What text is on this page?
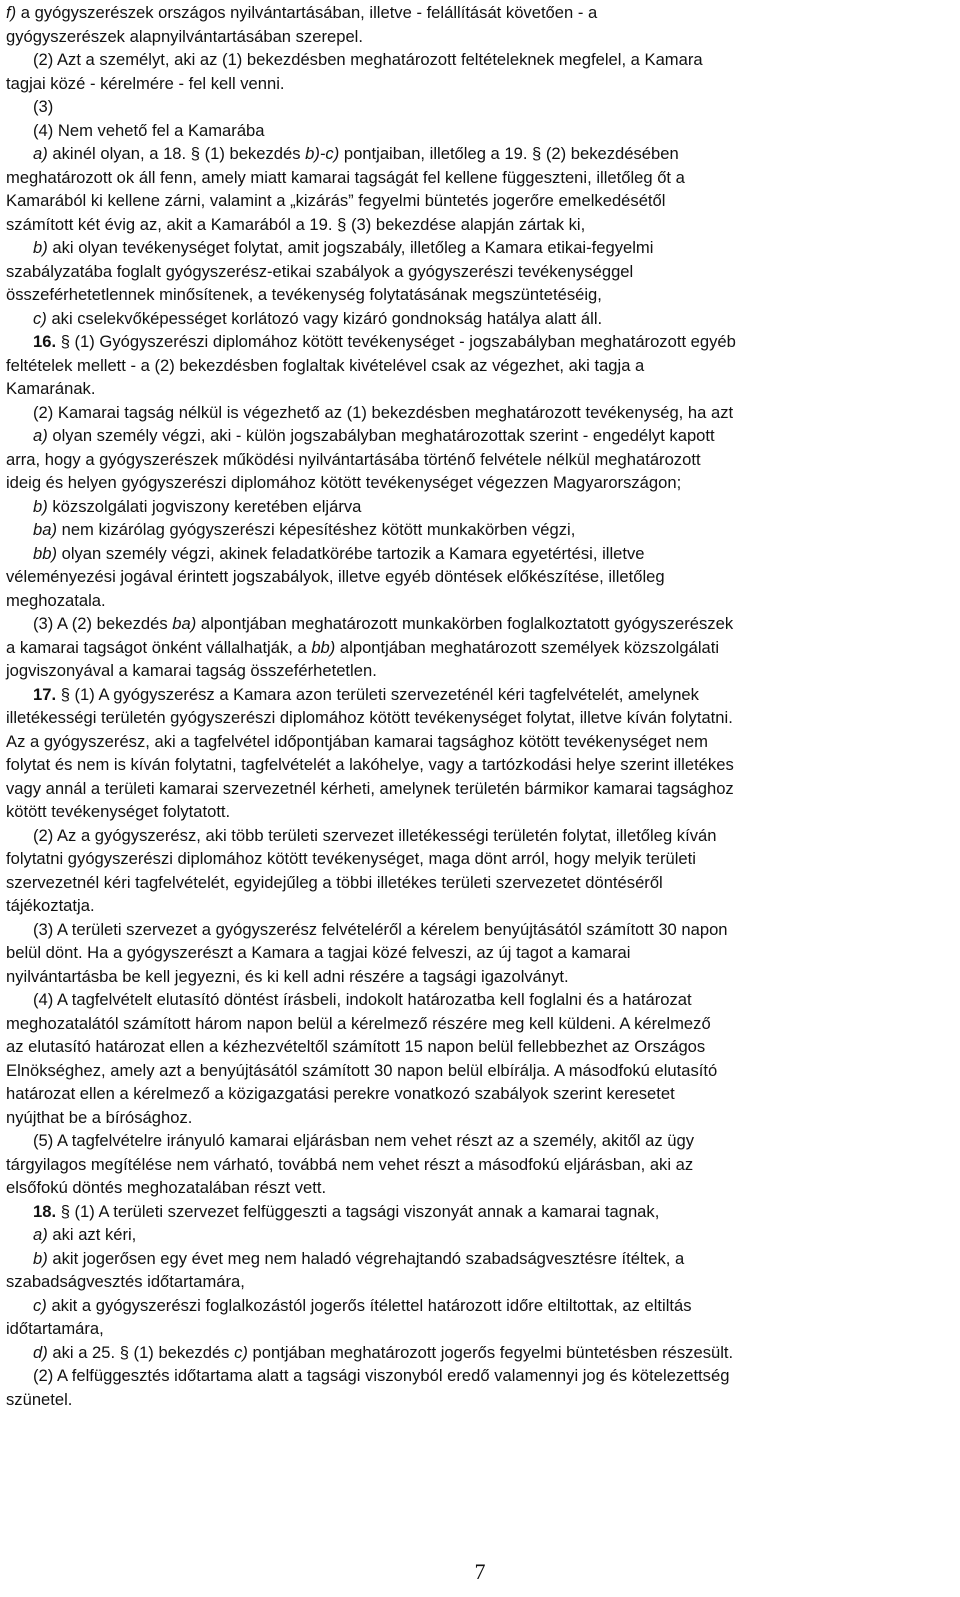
f) a gyógyszerészek országos nyilvántartásában, illetve - felállítását követően - a
gyógyszerészek alapnyilvántartásában szerepel.
(2) Azt a személyt, aki az (1) bekezdésben meghatározott feltételeknek megfelel, a Kamara
tagjai közé - kérelmére - fel kell venni.
(3)
(4) Nem vehető fel a Kamarába
a) akinél olyan, a 18. § (1) bekezdés b)-c) pontjaiban, illetőleg a 19. § (2) bekezdésében
meghatározott ok áll fenn, amely miatt kamarai tagságát fel kellene függeszteni, illetőleg őt a
Kamarából ki kellene zárni, valamint a „kizárás” fegyelmi büntetés jogerőre emelkedésétől
számított két évig az, akit a Kamarából a 19. § (3) bekezdése alapján zártak ki,
b) aki olyan tevékenységet folytat, amit jogszabály, illetőleg a Kamara etikai-fegyelmi
szabályzatába foglalt gyógyszerész-etikai szabályok a gyógyszerészi tevékenységgel
összeférhetetlennek minősítenek, a tevékenység folytatásának megszüntetéséig,
c) aki cselekvőképességet korlátozó vagy kizáró gondnokság hatálya alatt áll.
16. § (1) Gyógyszerészi diplomához kötött tevékenységet - jogszabályban meghatározott egyéb
feltételek mellett - a (2) bekezdésben foglaltak kivételével csak az végezhet, aki tagja a
Kamarának.
(2) Kamarai tagság nélkül is végezhető az (1) bekezdésben meghatározott tevékenység, ha azt
a) olyan személy végzi, aki - külön jogszabályban meghatározottak szerint - engedélyt kapott
arra, hogy a gyógyszerészek működési nyilvántartásába történő felvétele nélkül meghatározott
ideig és helyen gyógyszerészi diplomához kötött tevékenységet végezzen Magyarországon;
b) közszolgálati jogviszony keretében eljárva
ba) nem kizárólag gyógyszerészi képesítéshez kötött munkakörben végzi,
bb) olyan személy végzi, akinek feladatkörébe tartozik a Kamara egyetértési, illetve
véleményezési jogával érintett jogszabályok, illetve egyéb döntések előkészítése, illetőleg
meghozatala.
(3) A (2) bekezdés ba) alpontjában meghatározott munkakörben foglalkoztatott gyógyszerészek
a kamarai tagságot önként vállalhatják, a bb) alpontjában meghatározott személyek közszolgálati
jogviszonyával a kamarai tagság összeférhetetlen.
17. § (1) A gyógyszerész a Kamara azon területi szervezeténél kéri tagfelvételét, amelynek
illetékességi területén gyógyszerészi diplomához kötött tevékenységet folytat, illetve kíván folytatni.
Az a gyógyszerész, aki a tagfelvétel időpontjában kamarai tagsághoz kötött tevékenységet nem
folytat és nem is kíván folytatni, tagfelvételét a lakóhelye, vagy a tartózkodási helye szerint illetékes
vagy annál a területi kamarai szervezetnél kérheti, amelynek területén bármikor kamarai tagsághoz
kötött tevékenységet folytatott.
(2) Az a gyógyszerész, aki több területi szervezet illetékességi területén folytat, illetőleg kíván
folytatni gyógyszerészi diplomához kötött tevékenységet, maga dönt arról, hogy melyik területi
szervezetnél kéri tagfelvételét, egyidejűleg a többi illetékes területi szervezetet döntéséről
tájékoztatja.
(3) A területi szervezet a gyógyszerész felvételéről a kérelem benyújtásától számított 30 napon
belül dönt. Ha a gyógyszerészt a Kamara a tagjai közé felveszi, az új tagot a kamarai
nyilvántartásba be kell jegyezni, és ki kell adni részére a tagsági igazolványt.
(4) A tagfelvételt elutasító döntést írásbeli, indokolt határozatba kell foglalni és a határozat
meghozatalától számított három napon belül a kérelmező részére meg kell küldeni. A kérelmező
az elutasító határozat ellen a kézhezvételtől számított 15 napon belül fellebbezhet az Országos
Elnökséghez, amely azt a benyújtásától számított 30 napon belül elbírálja. A másodfokú elutasító
határozat ellen a kérelmező a közigazgatási perekre vonatkozó szabályok szerint keresetet
nyújthat be a bírósághoz.
(5) A tagfelvételre irányuló kamarai eljárásban nem vehet részt az a személy, akitől az ügy
tárgyilagos megítélése nem várható, továbbá nem vehet részt a másodfokú eljárásban, aki az
elsőfokú döntés meghozatalában részt vett.
18. § (1) A területi szervezet felfüggeszti a tagsági viszonyát annak a kamarai tagnak,
a) aki azt kéri,
b) akit jogerősen egy évet meg nem haladó végrehajtandó szabadságvesztésre ítéltek, a
szabadságvesztés időtartamára,
c) akit a gyógyszerészi foglalkozástól jogerős ítélettel határozott időre eltiltottak, az eltiltás
időtartamára,
d) aki a 25. § (1) bekezdés c) pontjában meghatározott jogerős fegyelmi büntetésben részesült.
(2) A felfüggesztés időtartama alatt a tagsági viszonyból eredő valamennyi jog és kötelezettség
szünetel.
7
